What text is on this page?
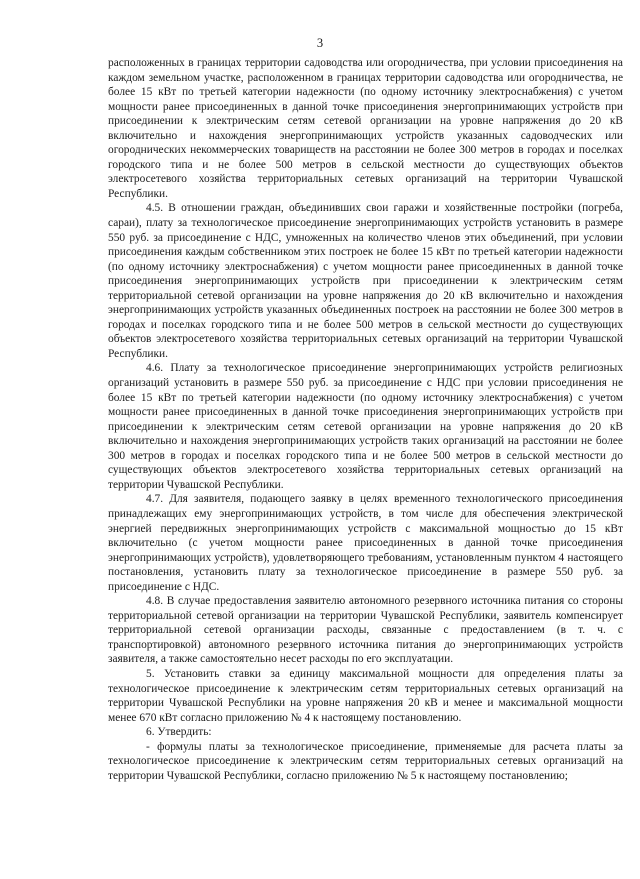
3

расположенных в границах территории садоводства или огородничества, при условии присоединения на каждом земельном участке, расположенном в границах территории садоводства или огородничества, не более 15 кВт по третьей категории надежности (по одному источнику электроснабжения) с учетом мощности ранее присоединенных в данной точке присоединения энергопринимающих устройств при присоединении к электрическим сетям сетевой организации на уровне напряжения до 20 кВ включительно и нахождения энергопринимающих устройств указанных садоводческих или огороднических некоммерческих товариществ на расстоянии не более 300 метров в городах и поселках городского типа и не более 500 метров в сельской местности до существующих объектов электросетевого хозяйства территориальных сетевых организаций на территории Чувашской Республики.

4.5. В отношении граждан, объединивших свои гаражи и хозяйственные постройки (погреба, сараи), плату за технологическое присоединение энергопринимающих устройств установить в размере 550 руб. за присоединение с НДС, умноженных на количество членов этих объединений, при условии присоединения каждым собственником этих построек не более 15 кВт по третьей категории надежности (по одному источнику электроснабжения) с учетом мощности ранее присоединенных в данной точке присоединения энергопринимающих устройств при присоединении к электрическим сетям территориальной сетевой организации на уровне напряжения до 20 кВ включительно и нахождения энергопринимающих устройств указанных объединенных построек на расстоянии не более 300 метров в городах и поселках городского типа и не более 500 метров в сельской местности до существующих объектов электросетевого хозяйства территориальных сетевых организаций на территории Чувашской Республики.

4.6. Плату за технологическое присоединение энергопринимающих устройств религиозных организаций установить в размере 550 руб. за присоединение с НДС при условии присоединения не более 15 кВт по третьей категории надежности (по одному источнику электроснабжения) с учетом мощности ранее присоединенных в данной точке присоединения энергопринимающих устройств при присоединении к электрическим сетям сетевой организации на уровне напряжения до 20 кВ включительно и нахождения энергопринимающих устройств таких организаций на расстоянии не более 300 метров в городах и поселках городского типа и не более 500 метров в сельской местности до существующих объектов электросетевого хозяйства территориальных сетевых организаций на территории Чувашской Республики.

4.7. Для заявителя, подающего заявку в целях временного технологического присоединения принадлежащих ему энергопринимающих устройств, в том числе для обеспечения электрической энергией передвижных энергопринимающих устройств с максимальной мощностью до 15 кВт включительно (с учетом мощности ранее присоединенных в данной точке присоединения энергопринимающих устройств), удовлетворяющего требованиям, установленным пунктом 4 настоящего постановления, установить плату за технологическое присоединение в размере 550 руб. за присоединение с НДС.

4.8. В случае предоставления заявителю автономного резервного источника питания со стороны территориальной сетевой организации на территории Чувашской Республики, заявитель компенсирует территориальной сетевой организации расходы, связанные с предоставлением (в т. ч. с транспортировкой) автономного резервного источника питания до энергопринимающих устройств заявителя, а также самостоятельно несет расходы по его эксплуатации.

5. Установить ставки за единицу максимальной мощности для определения платы за технологическое присоединение к электрическим сетям территориальных сетевых организаций на территории Чувашской Республики на уровне напряжения 20 кВ и менее и максимальной мощности менее 670 кВт согласно приложению № 4 к настоящему постановлению.

6. Утвердить:

- формулы платы за технологическое присоединение, применяемые для расчета платы за технологическое присоединение к электрическим сетям территориальных сетевых организаций на территории Чувашской Республики, согласно приложению № 5 к настоящему постановлению;
